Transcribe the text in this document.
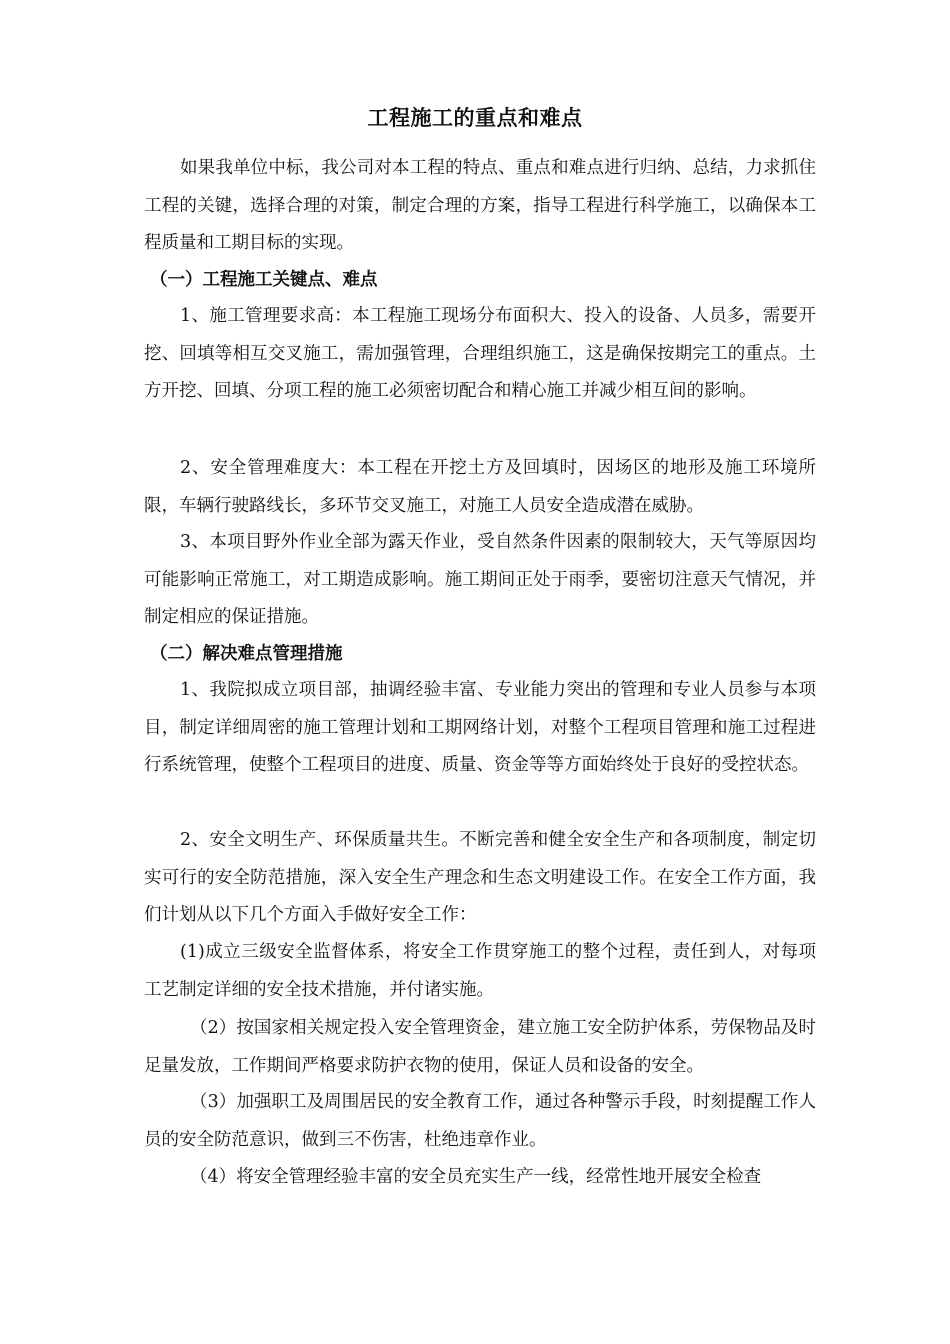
工程施工的重点和难点

如果我单位中标，我公司对本工程的特点、重点和难点进行归纳、总结，力求抓住工程的关键，选择合理的对策，制定合理的方案，指导工程进行科学施工，以确保本工程质量和工期目标的实现。

（一）工程施工关键点、难点

1、施工管理要求高：本工程施工现场分布面积大、投入的设备、人员多，需要开挖、回填等相互交叉施工，需加强管理，合理组织施工，这是确保按期完工的重点。土方开挖、回填、分项工程的施工必须密切配合和精心施工并减少相互间的影响。

2、安全管理难度大：本工程在开挖土方及回填时，因场区的地形及施工环境所限，车辆行驶路线长，多环节交叉施工，对施工人员安全造成潜在威胁。

3、本项目野外作业全部为露天作业，受自然条件因素的限制较大，天气等原因均可能影响正常施工，对工期造成影响。施工期间正处于雨季，要密切注意天气情况，并制定相应的保证措施。

（二）解决难点管理措施

1、我院拟成立项目部，抽调经验丰富、专业能力突出的管理和专业人员参与本项目，制定详细周密的施工管理计划和工期网络计划，对整个工程项目管理和施工过程进行系统管理，使整个工程项目的进度、质量、资金等等方面始终处于良好的受控状态。

2、安全文明生产、环保质量共生。不断完善和健全安全生产和各项制度，制定切实可行的安全防范措施，深入安全生产理念和生态文明建设工作。在安全工作方面，我们计划从以下几个方面入手做好安全工作：

(1)成立三级安全监督体系，将安全工作贯穿施工的整个过程，责任到人，对每项工艺制定详细的安全技术措施，并付诸实施。

（2）按国家相关规定投入安全管理资金，建立施工安全防护体系，劳保物品及时足量发放，工作期间严格要求防护衣物的使用，保证人员和设备的安全。

（3）加强职工及周围居民的安全教育工作，通过各种警示手段，时刻提醒工作人员的安全防范意识，做到三不伤害，杜绝违章作业。

（4）将安全管理经验丰富的安全员充实生产一线，经常性地开展安全检查
